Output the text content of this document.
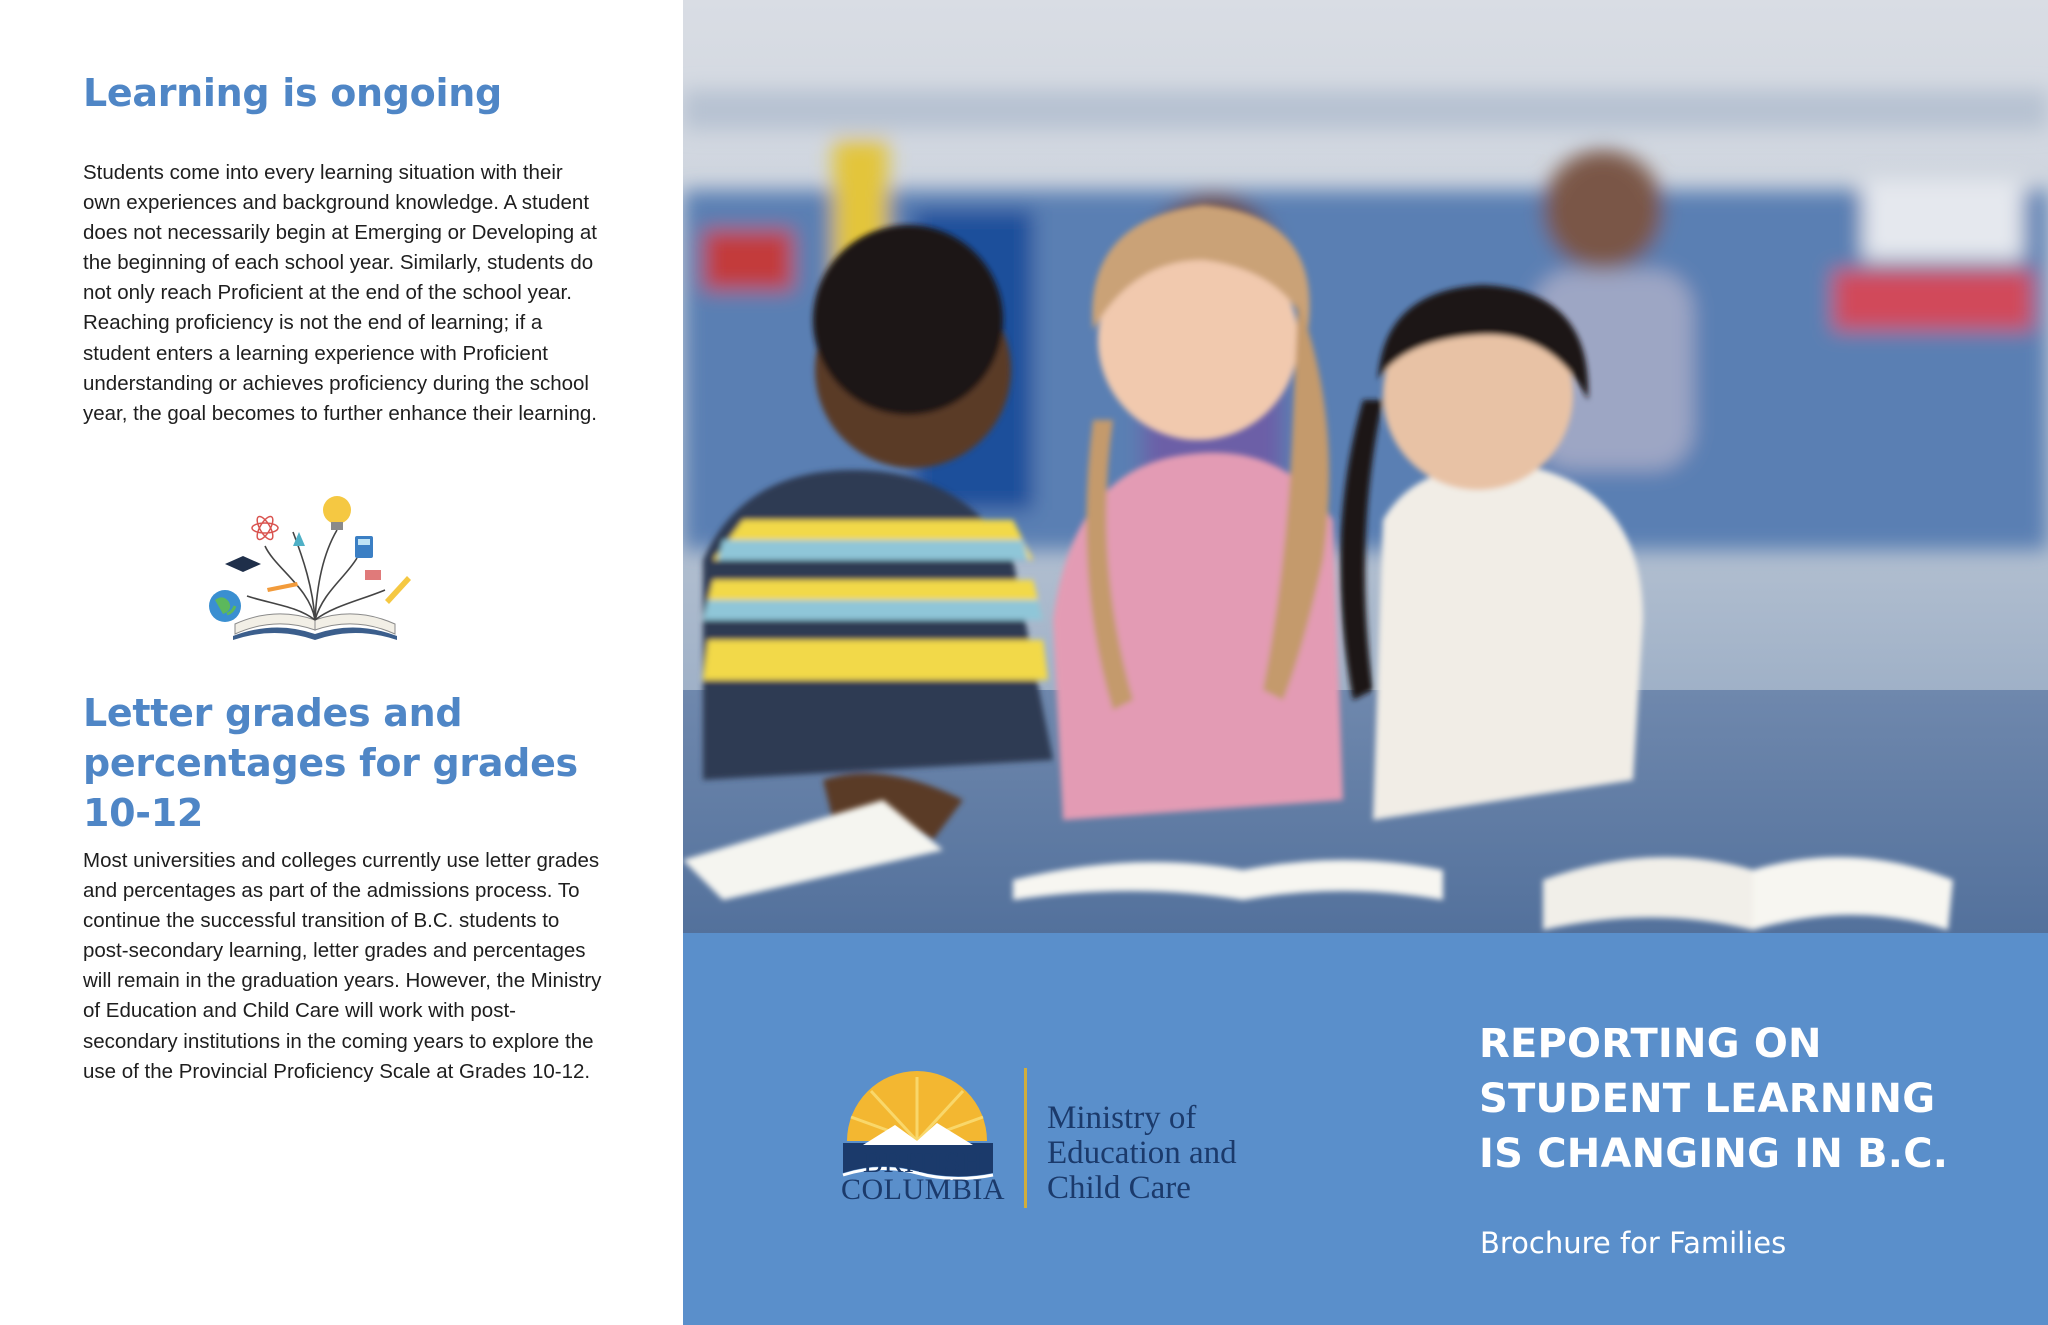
Learning is ongoing

Students come into every learning situation with their own experiences and background knowledge. A student does not necessarily begin at Emerging or Developing at the beginning of each school year. Similarly, students do not only reach Proficient at the end of the school year. Reaching proficiency is not the end of learning; if a student enters a learning experience with Proficient understanding or achieves proficiency during the school year, the goal becomes to further enhance their learning.

Letter grades and
percentages for grades
10-12

Most universities and colleges currently use letter grades and percentages as part of the admissions process. To continue the successful transition of B.C. students to post-secondary learning, letter grades and percentages will remain in the graduation years. However, the Ministry of Education and Child Care will work with post-secondary institutions in the coming years to explore the use of the Provincial Proficiency Scale at Grades 10-12.

BRITISH
COLUMBIA

Ministry of
Education and
Child Care

REPORTING ON
STUDENT LEARNING
IS CHANGING IN B.C.

Brochure for Families
